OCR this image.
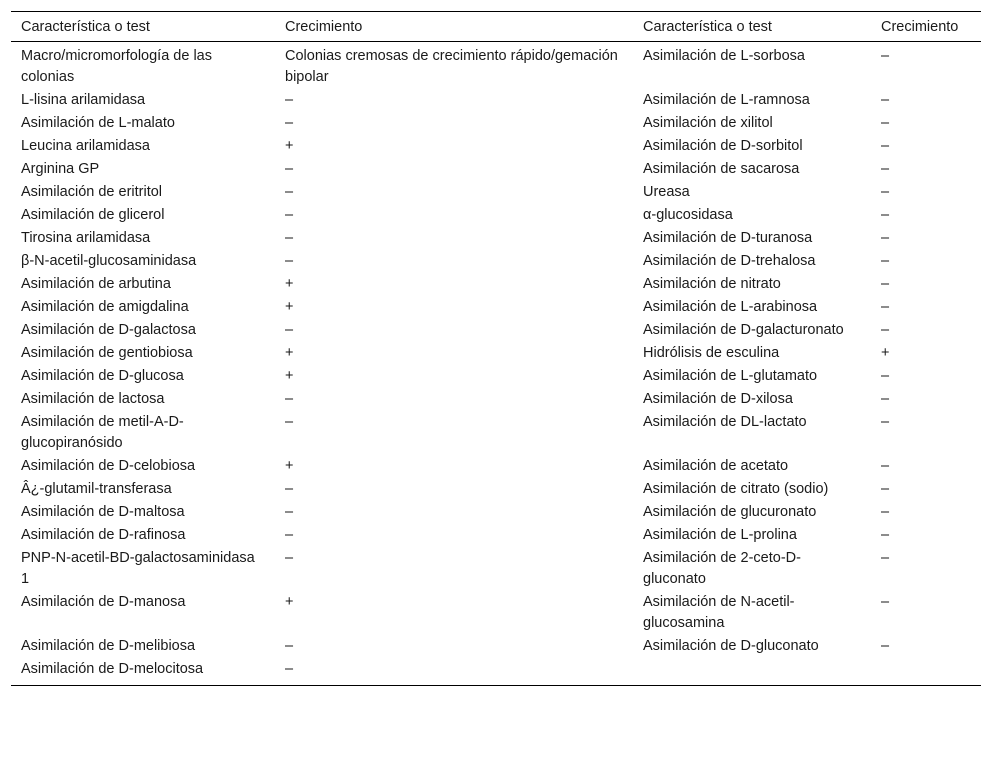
Característica o test	Crecimiento	Característica o test	Crecimiento
Macro/micromorfología de las colonias	Colonias cremosas de crecimiento rápido/gemación bipolar	Asimilación de L-sorbosa	–
L-lisina arilamidasa	–	Asimilación de L-ramnosa	–
Asimilación de L-malato	–	Asimilación de xilitol	–
Leucina arilamidasa	+	Asimilación de D-sorbitol	–
Arginina GP	–	Asimilación de sacarosa	–
Asimilación de eritritol	–	Ureasa	–
Asimilación de glicerol	–	α-glucosidasa	–
Tirosina arilamidasa	–	Asimilación de D-turanosa	–
β-N-acetil-glucosaminidasa	–	Asimilación de D-trehalosa	–
Asimilación de arbutina	+	Asimilación de nitrato	–
Asimilación de amigdalina	+	Asimilación de L-arabinosa	–
Asimilación de D-galactosa	–	Asimilación de D-galacturonato	–
Asimilación de gentiobiosa	+	Hidrólisis de esculina	+
Asimilación de D-glucosa	+	Asimilación de L-glutamato	–
Asimilación de lactosa	–	Asimilación de D-xilosa	–
Asimilación de metil-A-D-glucopiranósido	–	Asimilación de DL-lactato	–
Asimilación de D-celobiosa	+	Asimilación de acetato	–
Â¿-glutamil-transferasa	–	Asimilación de citrato (sodio)	–
Asimilación de D-maltosa	–	Asimilación de glucuronato	–
Asimilación de D-rafinosa	–	Asimilación de L-prolina	–
PNP-N-acetil-BD-galactosaminidasa 1	–	Asimilación de 2-ceto-D-gluconato	–
Asimilación de D-manosa	+	Asimilación de N-acetil-glucosamina	–
Asimilación de D-melibiosa	–	Asimilación de D-gluconato	–
Asimilación de D-melocitosa	–		
